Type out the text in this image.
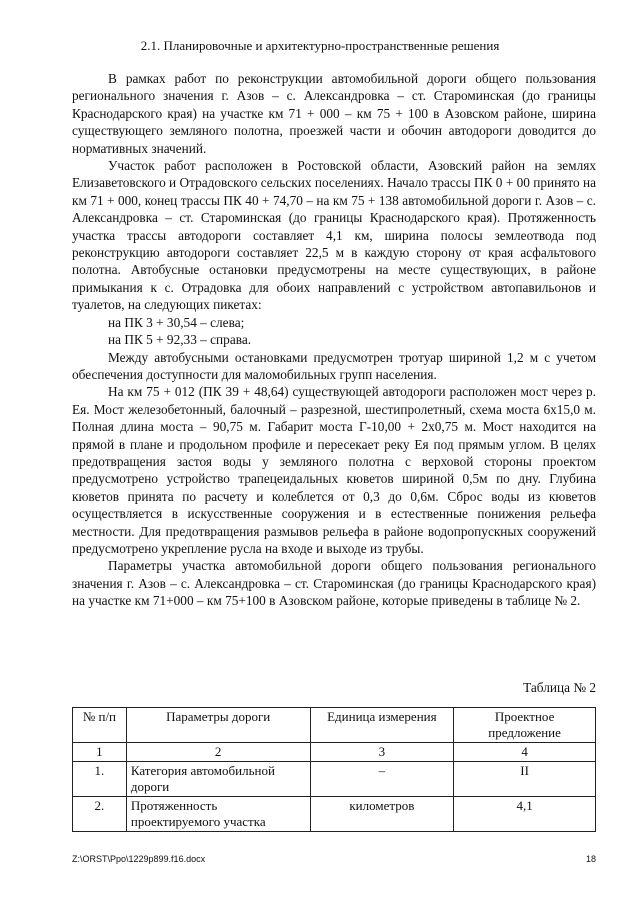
2.1. Планировочные и архитектурно-пространственные решения

В рамках работ по реконструкции автомобильной дороги общего пользования регионального значения г. Азов – с. Александровка – ст. Староминская (до границы Краснодарского края) на участке км 71 + 000 – км 75 + 100 в Азовском районе, ширина существующего земляного полотна, проезжей части и обочин автодороги доводится до нормативных значений.

Участок работ расположен в Ростовской области, Азовский район на землях Елизаветовского и Отрадовского сельских поселениях. Начало трассы ПК 0 + 00 принято на км 71 + 000, конец трассы ПК 40 + 74,70 – на км 75 + 138 автомобильной дороги г. Азов – с. Александровка – ст. Староминская (до границы Краснодарского края). Протяженность участка трассы автодороги составляет 4,1 км, ширина полосы землеотвода под реконструкцию автодороги составляет 22,5 м в каждую сторону от края асфальтового полотна. Автобусные остановки предусмотрены на месте существующих, в районе примыкания к с. Отрадовка для обоих направлений с устройством автопавильонов и туалетов, на следующих пикетах:

на ПК 3 + 30,54 – слева;

на ПК 5 + 92,33 – справа.

Между автобусными остановками предусмотрен тротуар шириной 1,2 м с учетом обеспечения доступности для маломобильных групп населения.

На км 75 + 012 (ПК 39 + 48,64) существующей автодороги расположен мост через р. Ея. Мост железобетонный, балочный – разрезной, шестипролетный, схема моста 6х15,0 м. Полная длина моста – 90,75 м. Габарит моста Г-10,00 + 2х0,75 м. Мост находится на прямой в плане и продольном профиле и пересекает реку Ея под прямым углом. В целях предотвращения застоя воды у земляного полотна с верховой стороны проектом предусмотрено устройство трапецеидальных кюветов шириной 0,5м по дну. Глубина кюветов принята по расчету и колеблется от 0,3 до 0,6м. Сброс воды из кюветов осуществляется в искусственные сооружения и в естественные понижения рельефа местности. Для предотвращения размывов рельефа в районе водопропускных сооружений предусмотрено укрепление русла на входе и выходе из трубы.

Параметры участка автомобильной дороги общего пользования регионального значения г. Азов – с. Александровка – ст. Староминская (до границы Краснодарского края) на участке км 71+000 – км 75+100 в Азовском районе, которые приведены в таблице № 2.

Таблица № 2
№ п/п	Параметры дороги	Единица измерения	Проектное предложение
1	2	3	4
1.	Категория автомобильной дороги	–	II
2.	Протяженность проектируемого участка	километров	4,1
Z:\ORST\Ppo\1229p899.f16.docx	18
